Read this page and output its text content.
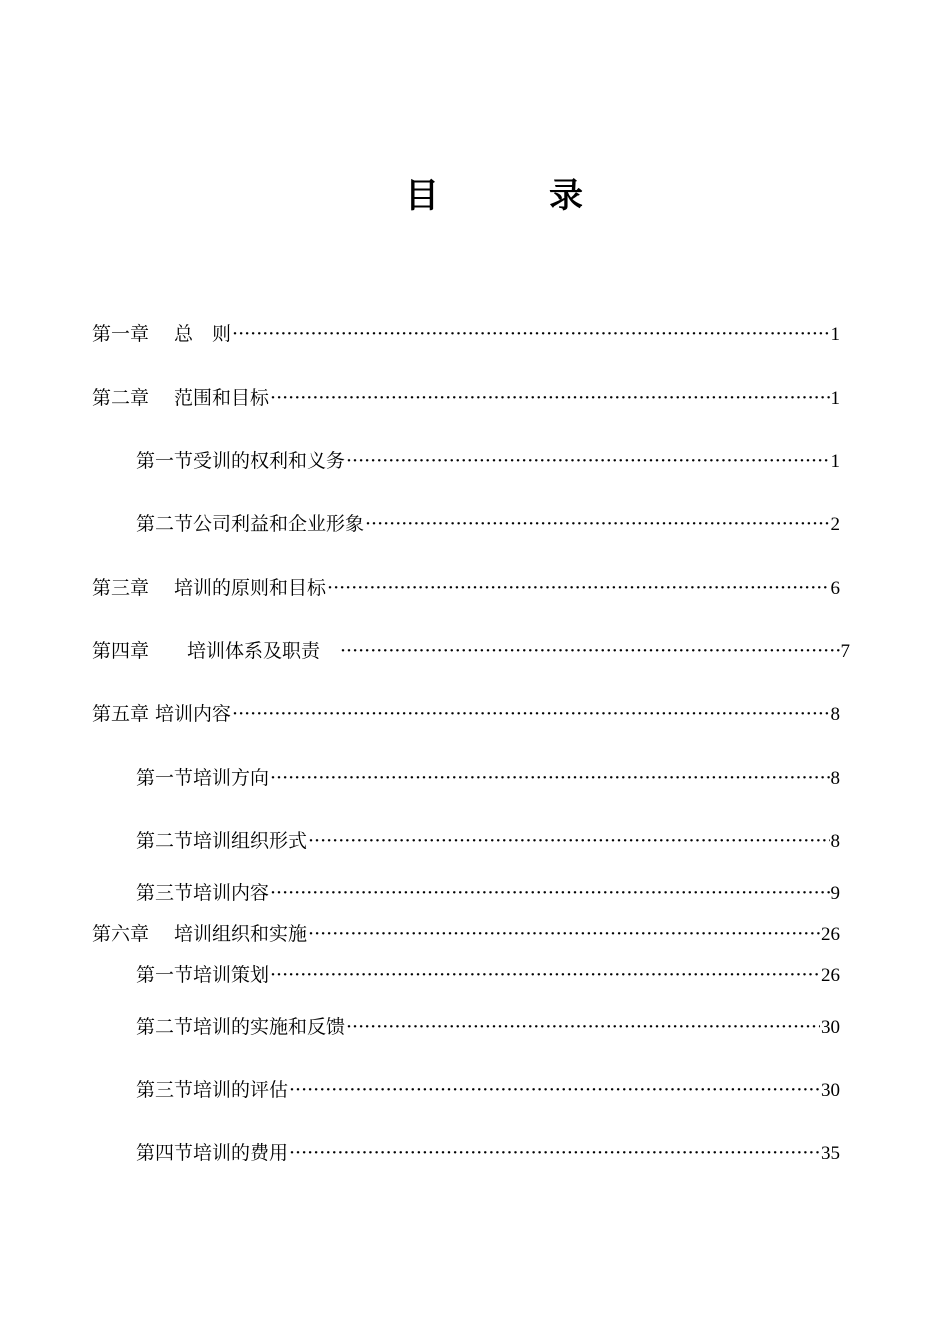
目　录
第一章　 总　则 ·····	1
第二章　 范围和目标 ·····	1
第一节受训的权利和义务 ·····	1
第二节公司利益和企业形象 ·····	2
第三章　 培训的原则和目标 ·····	6
第四章　　培训体系及职责　 ·····	7
第五章 培训内容 ·····	8
第一节培训方向 ·····	8
第二节培训组织形式 ·····	8
第三节培训内容 ·····	9
第六章　 培训组织和实施 ·····	26
第一节培训策划 ·····	26
第二节培训的实施和反馈 ·····	30
第三节培训的评估 ·····	30
第四节培训的费用 ·····	35
